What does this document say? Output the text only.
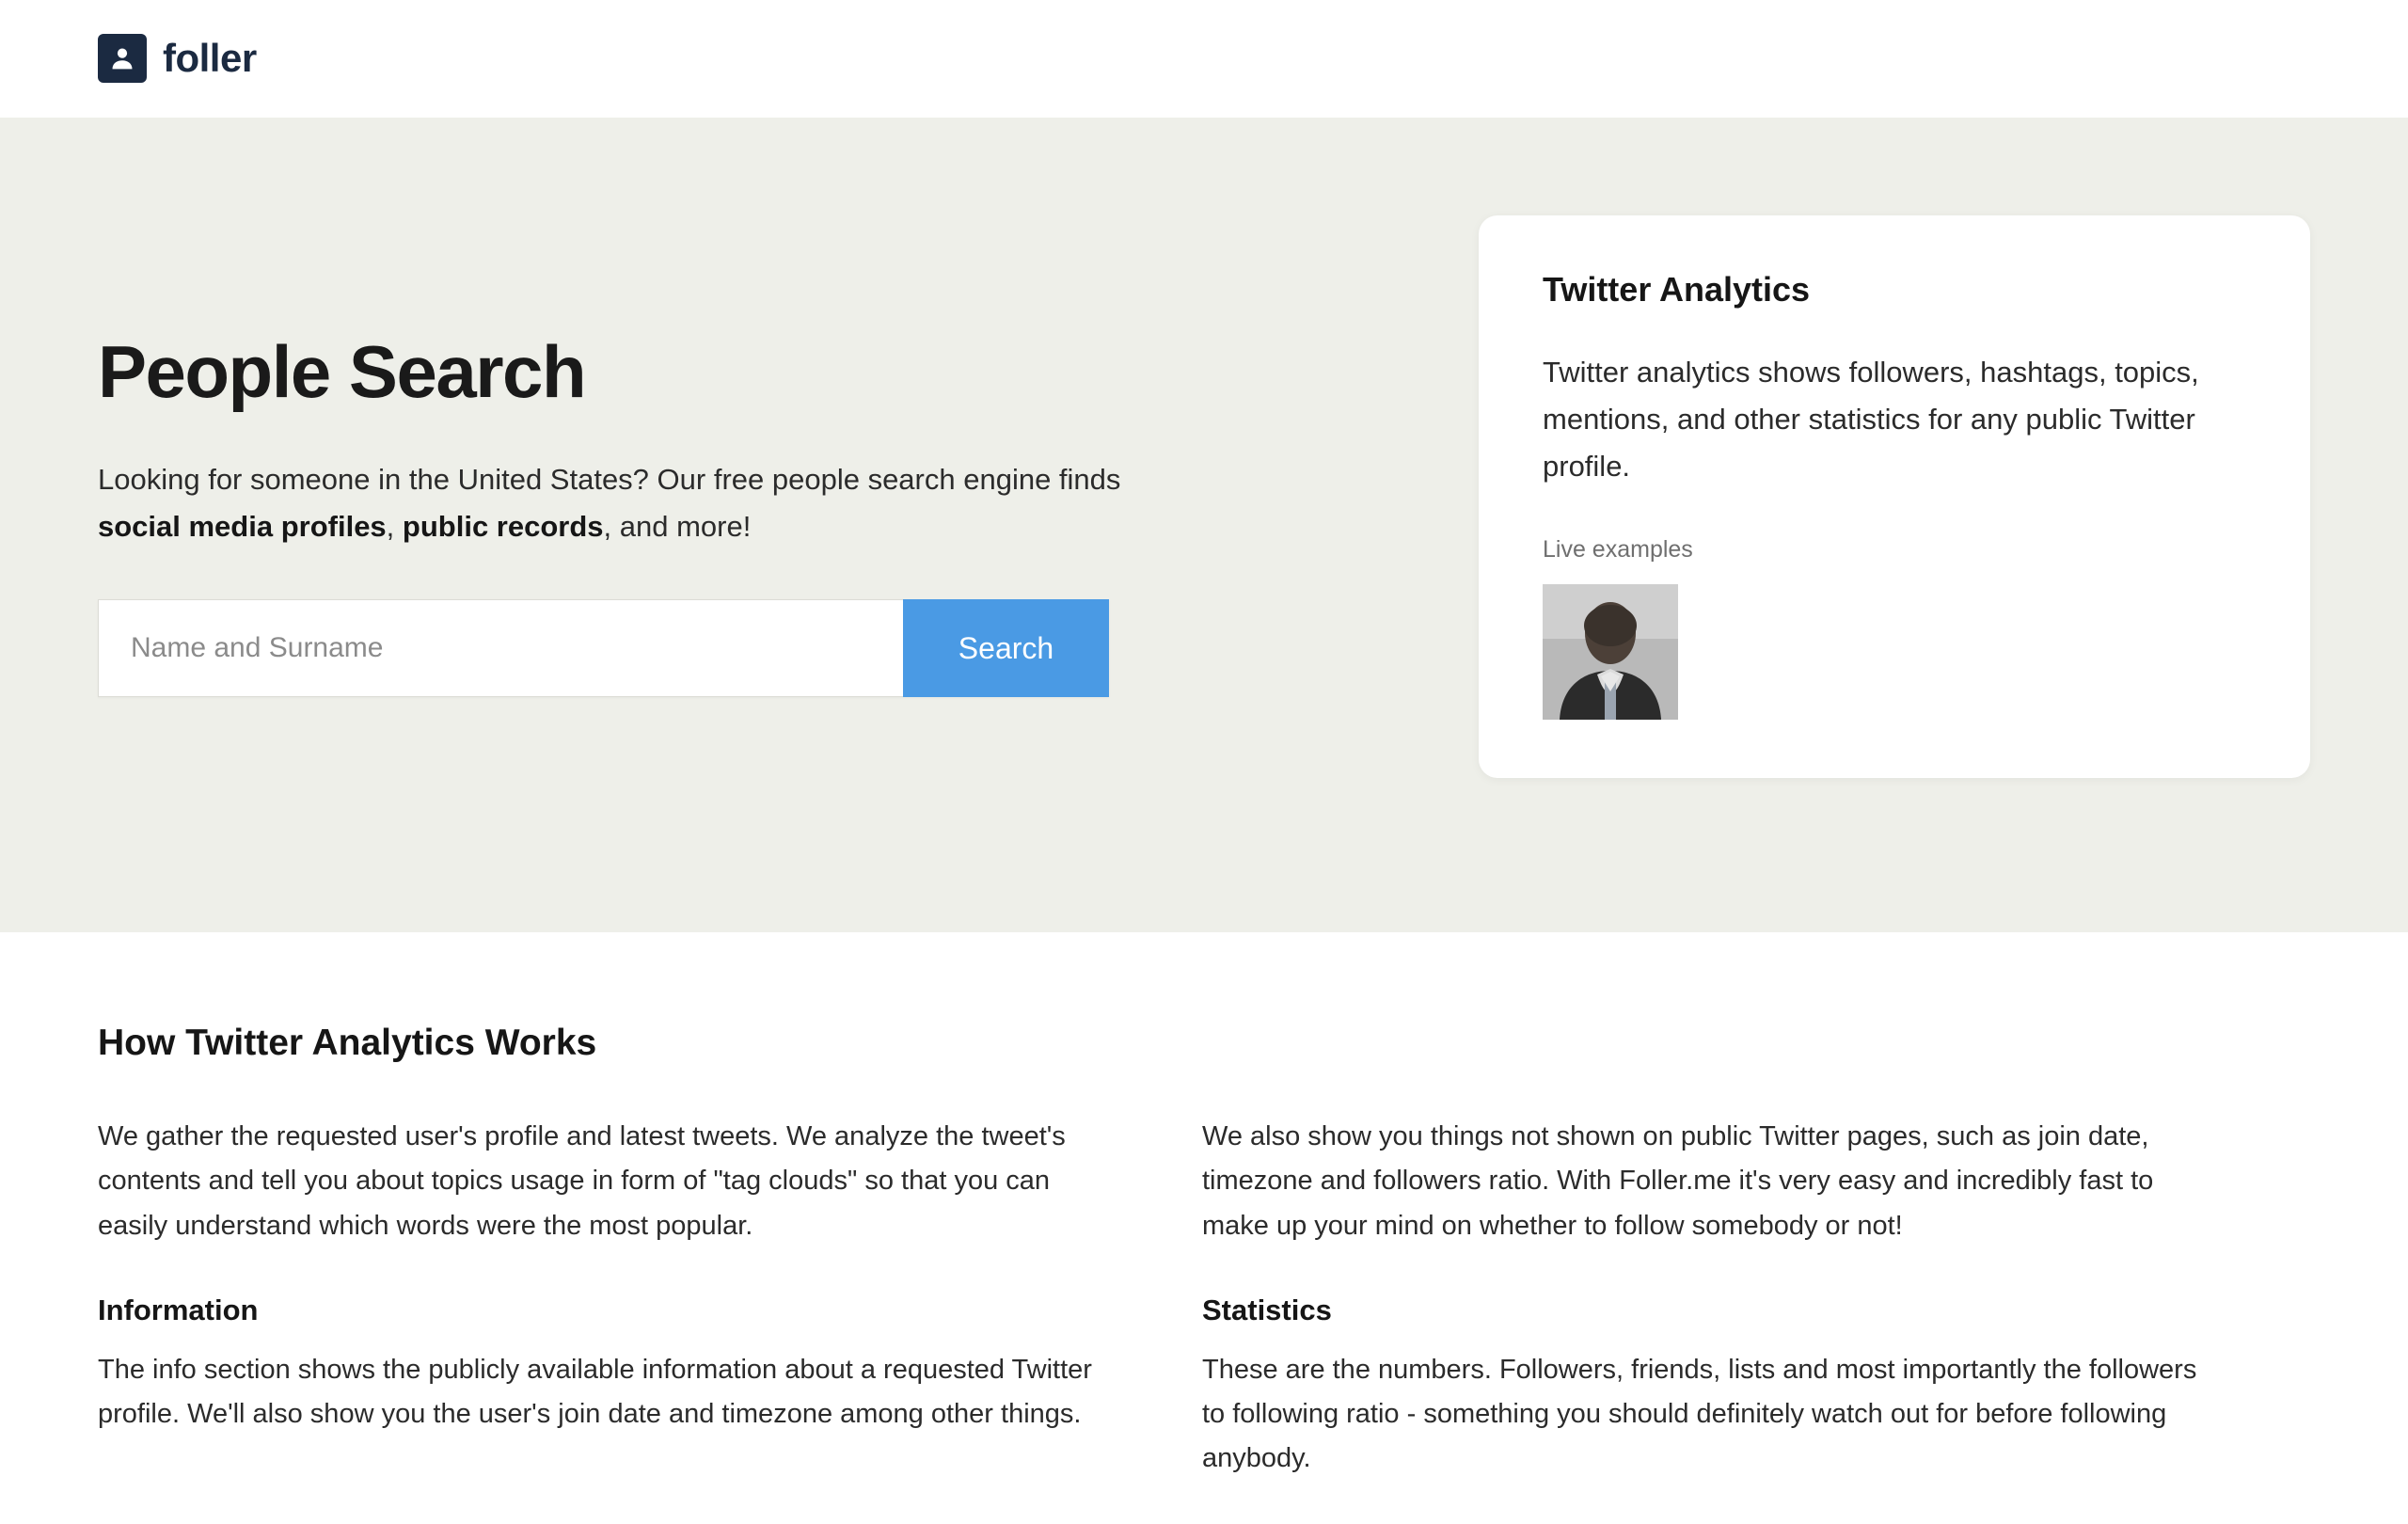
foller
People Search

Looking for someone in the United States? Our free people search engine finds social media profiles, public records, and more!

Name and Surname
Search
Twitter Analytics

Twitter analytics shows followers, hashtags, topics, mentions, and other statistics for any public Twitter profile.

Live examples

How Twitter Analytics Works

We gather the requested user's profile and latest tweets. We analyze the tweet's contents and tell you about topics usage in form of "tag clouds" so that you can easily understand which words were the most popular.

Information

The info section shows the publicly available information about a requested Twitter profile. We'll also show you the user's join date and timezone among other things.

We also show you things not shown on public Twitter pages, such as join date, timezone and followers ratio. With Foller.me it's very easy and incredibly fast to make up your mind on whether to follow somebody or not!

Statistics

These are the numbers. Followers, friends, lists and most importantly the followers to following ratio - something you should definitely watch out for before following anybody.
